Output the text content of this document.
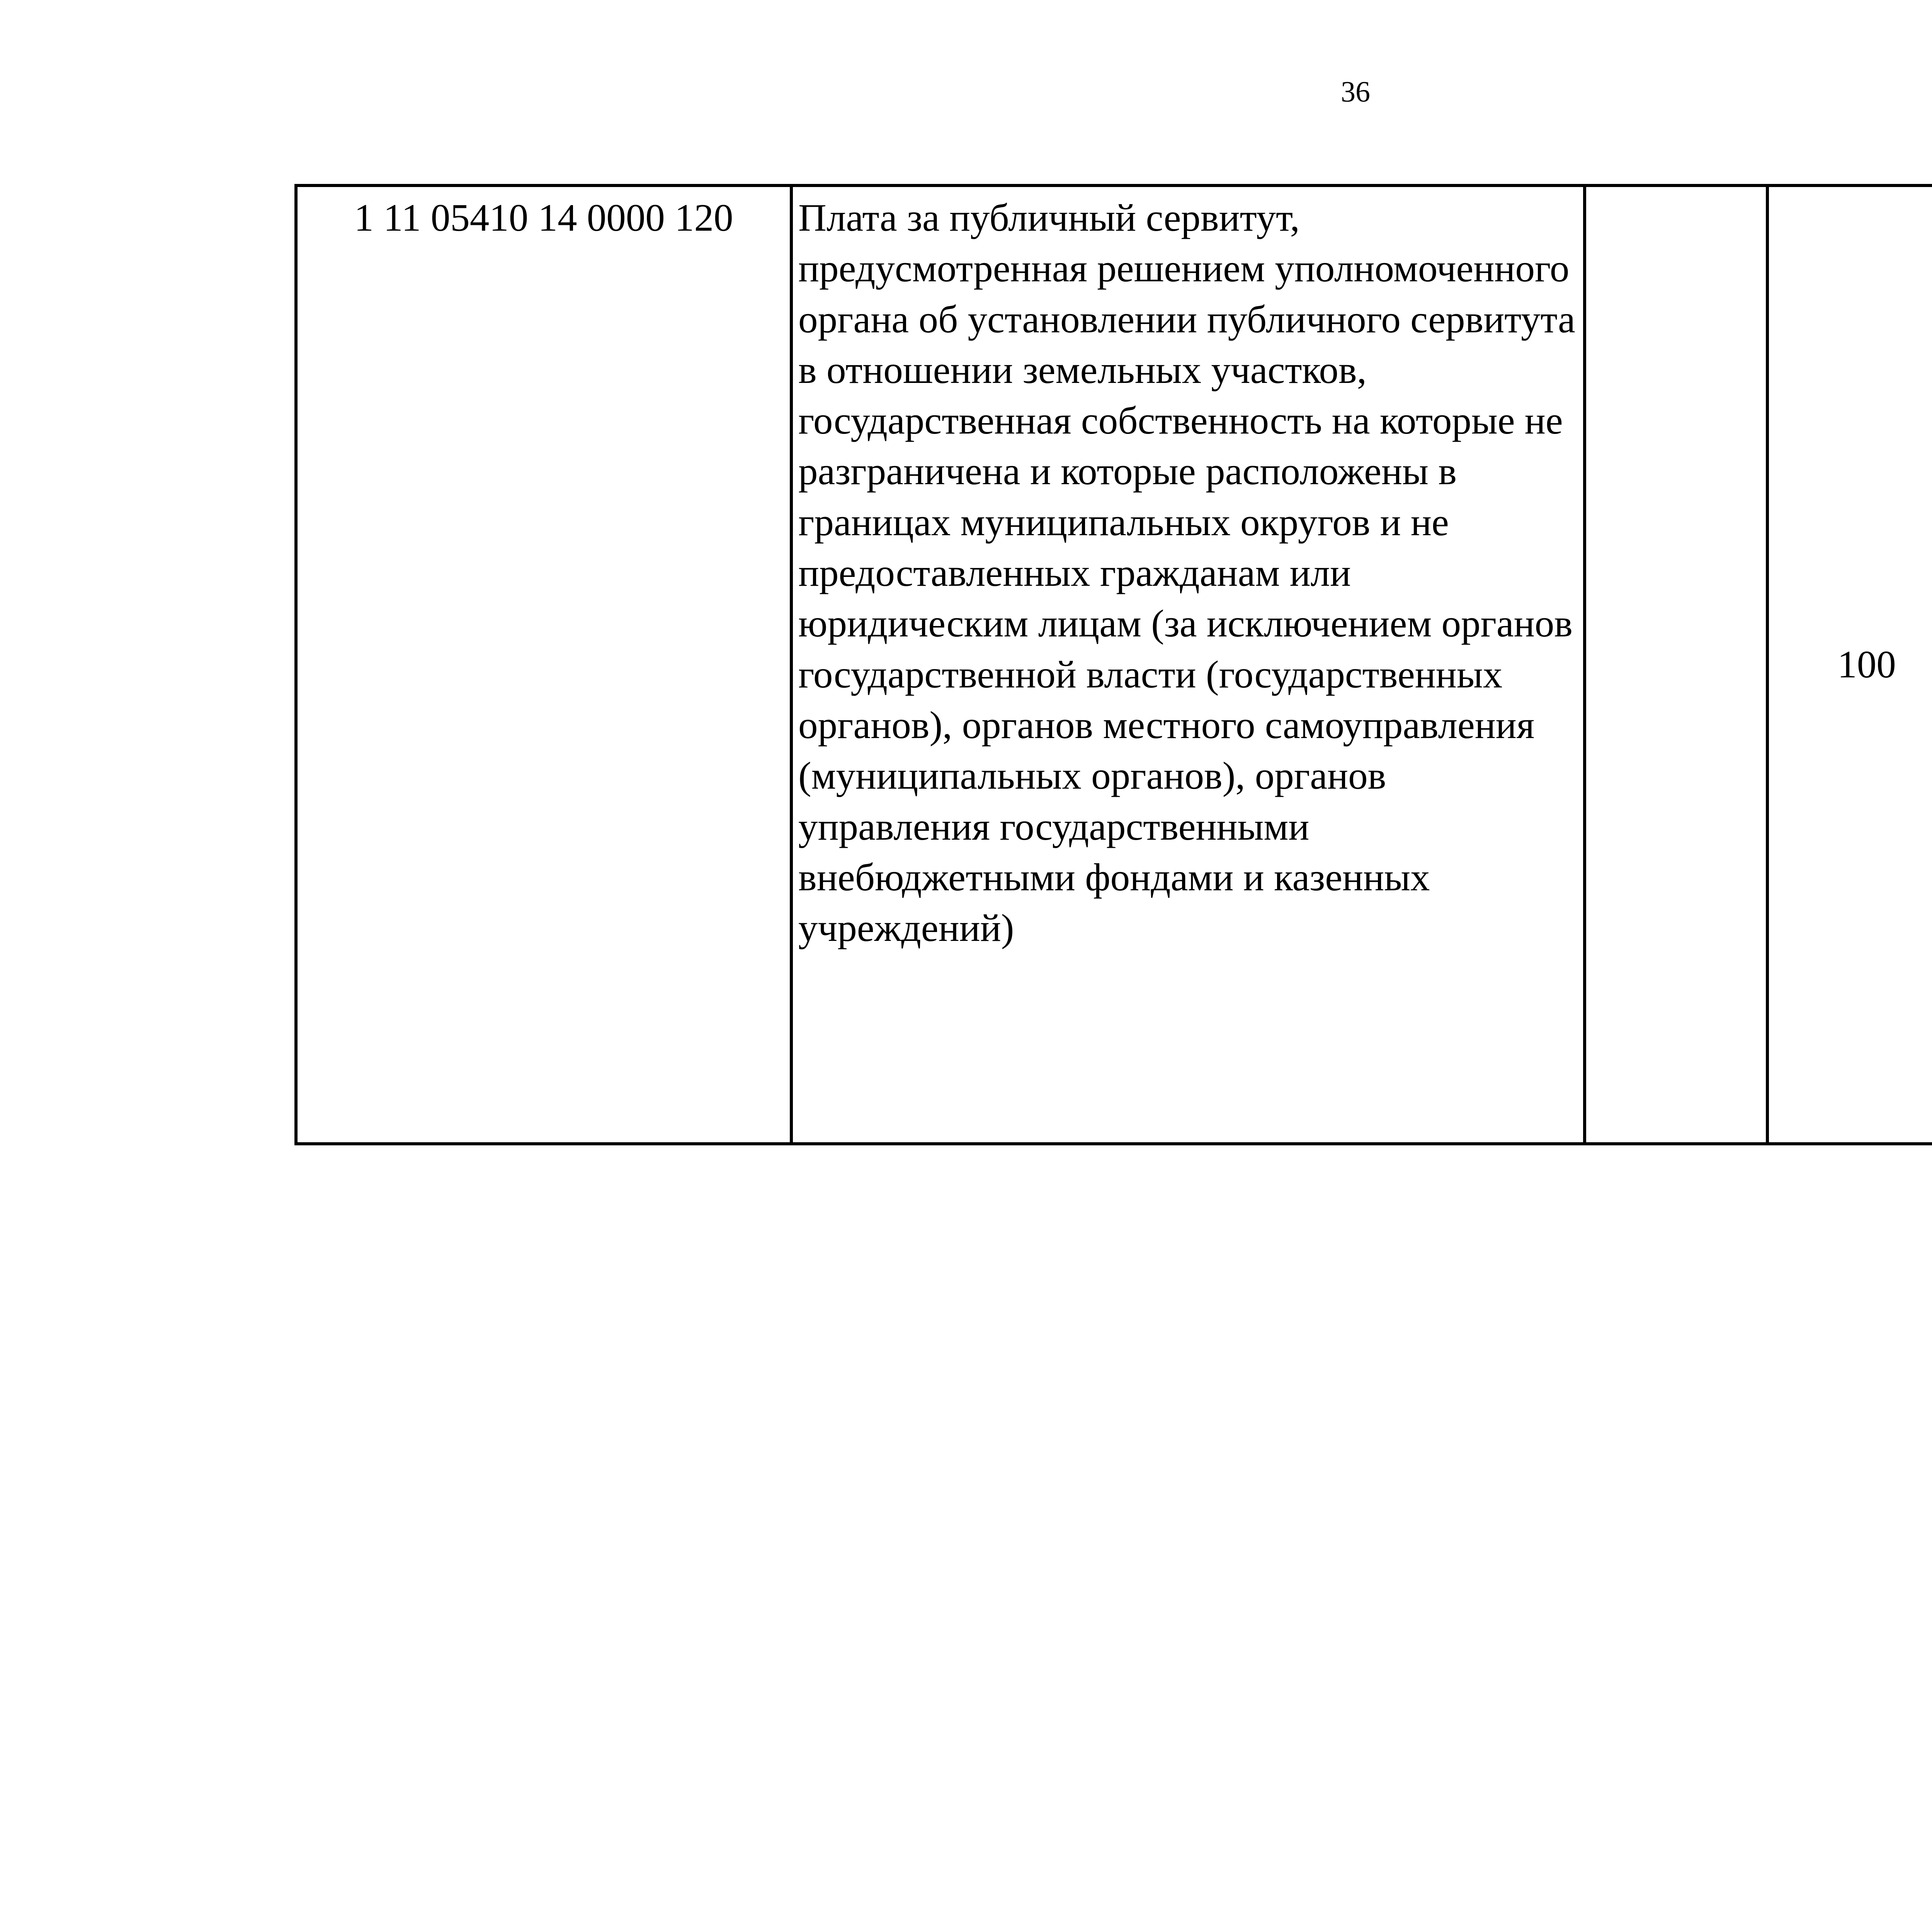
36
1 11 05410 14 0000 120	Плата за публичный сервитут, предусмотренная решением уполномоченного органа об установлении публичного сервитута в отношении земельных участков, государственная собственность на которые не разграничена и которые расположены в границах муниципальных округов и не предоставленных гражданам или юридическим лицам (за исключением органов государственной власти (государственных органов), органов местного самоуправления (муниципальных органов), органов управления государственными внебюджетными фондами и казенных учреждений)		100			
